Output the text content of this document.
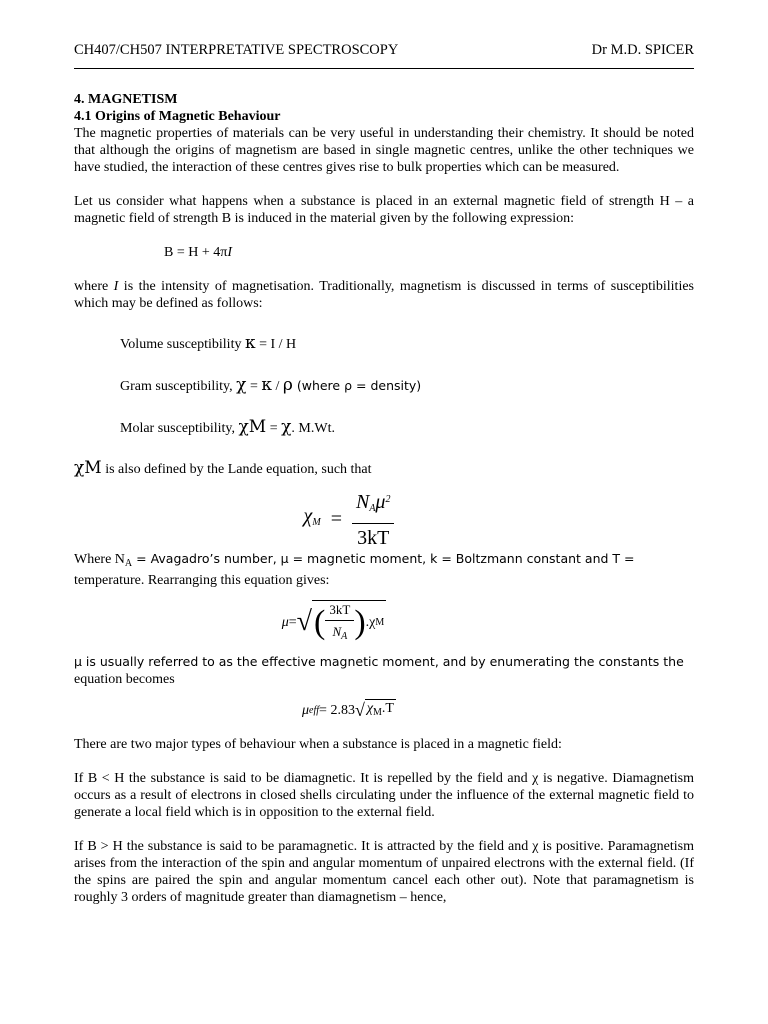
CH407/CH507 INTERPRETATIVE SPECTROSCOPY	Dr M.D. SPICER

4. MAGNETISM

4.1 Origins of Magnetic Behaviour

The magnetic properties of materials can be very useful in understanding their chemistry. It should be noted that although the origins of magnetism are based in single magnetic centres, unlike the other techniques we have studied, the interaction of these centres gives rise to bulk properties which can be measured.

Let us consider what happens when a substance is placed in an external magnetic field of strength H – a magnetic field of strength B is induced in the material given by the following expression:

B = H + 4πI

where I is the intensity of magnetisation. Traditionally, magnetism is discussed in terms of susceptibilities which may be defined as follows:

Volume susceptibility κ = I / H

Gram susceptibility, χ = κ / ρ (where ρ = density)

Molar susceptibility, χM = χ. M.Wt.

χM is also defined by the Lande equation, such that

$\chi_M = \frac{N_A\mu^2}{3kT}$

Where $N_A$ = Avagadro’s number, μ = magnetic moment, k = Boltzmann constant and T =

temperature. Rearranging this equation gives:

μ = √ ( $\frac{3kT}{N_A}$ ) .χ M

μ is usually referred to as the effective magnetic moment, and by enumerating the constants the

equation becomes

μ eff = 2.83 √ $\chi_M.T$

There are two major types of behaviour when a substance is placed in a magnetic field:

If B < H the substance is said to be diamagnetic. It is repelled by the field and χ is negative. Diamagnetism occurs as a result of electrons in closed shells circulating under the influence of the external magnetic field to generate a local field which is in opposition to the external field.

If B > H the substance is said to be paramagnetic. It is attracted by the field and χ is positive. Paramagnetism arises from the interaction of the spin and angular momentum of unpaired electrons with the external field. (If the spins are paired the spin and angular momentum cancel each other out). Note that paramagnetism is roughly 3 orders of magnitude greater than diamagnetism – hence,
